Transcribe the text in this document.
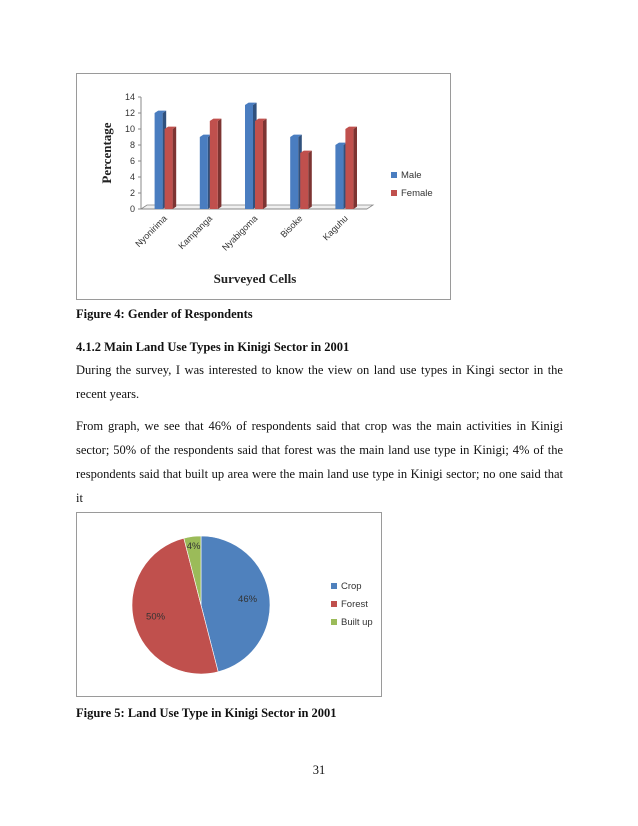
0
2
4
6
8
10
12
14
Nyonirima Kampanga Nyabigoma Bisoke Kaguhu
Male
Female
Percentage
Surveyed Cells
Figure 4: Gender of Respondents
4.1.2 Main Land Use Types in Kinigi Sector in 2001
During the survey, I was interested to know the view on land use types in Kingi sector in the
recent years.
From graph, we see that 46% of respondents said that crop was the main activities in Kinigi
sector; 50% of the respondents said that forest was the main land use type in Kinigi; 4% of the
respondents said that built up area were the main land use type in Kinigi sector; no one said that it
46%
50%
4%
Crop
Forest
Built up
Figure 5: Land Use Type in Kinigi Sector in 2001
31
